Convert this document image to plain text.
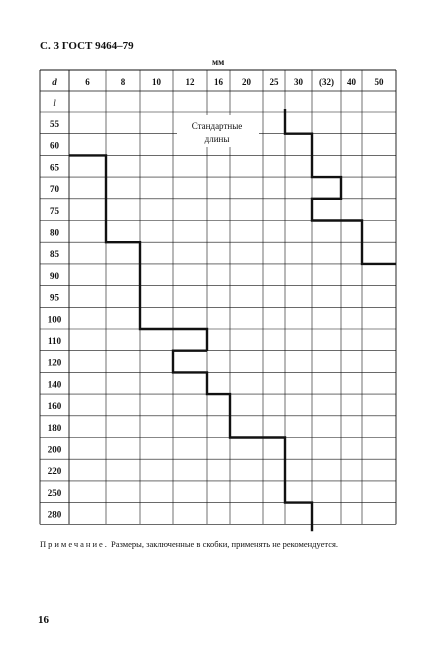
С. 3 ГОСТ 9464–79
мм
d	6	8	10	12 16 20 25 30 (32) 40 50
l
55
60
65
70
75
80
85
90
95
100
110
120
140
160
180
200
220
250
280
Стандартные
длины
Примечание. Размеры, заключенные в скобки, применять не рекомендуется.
16
